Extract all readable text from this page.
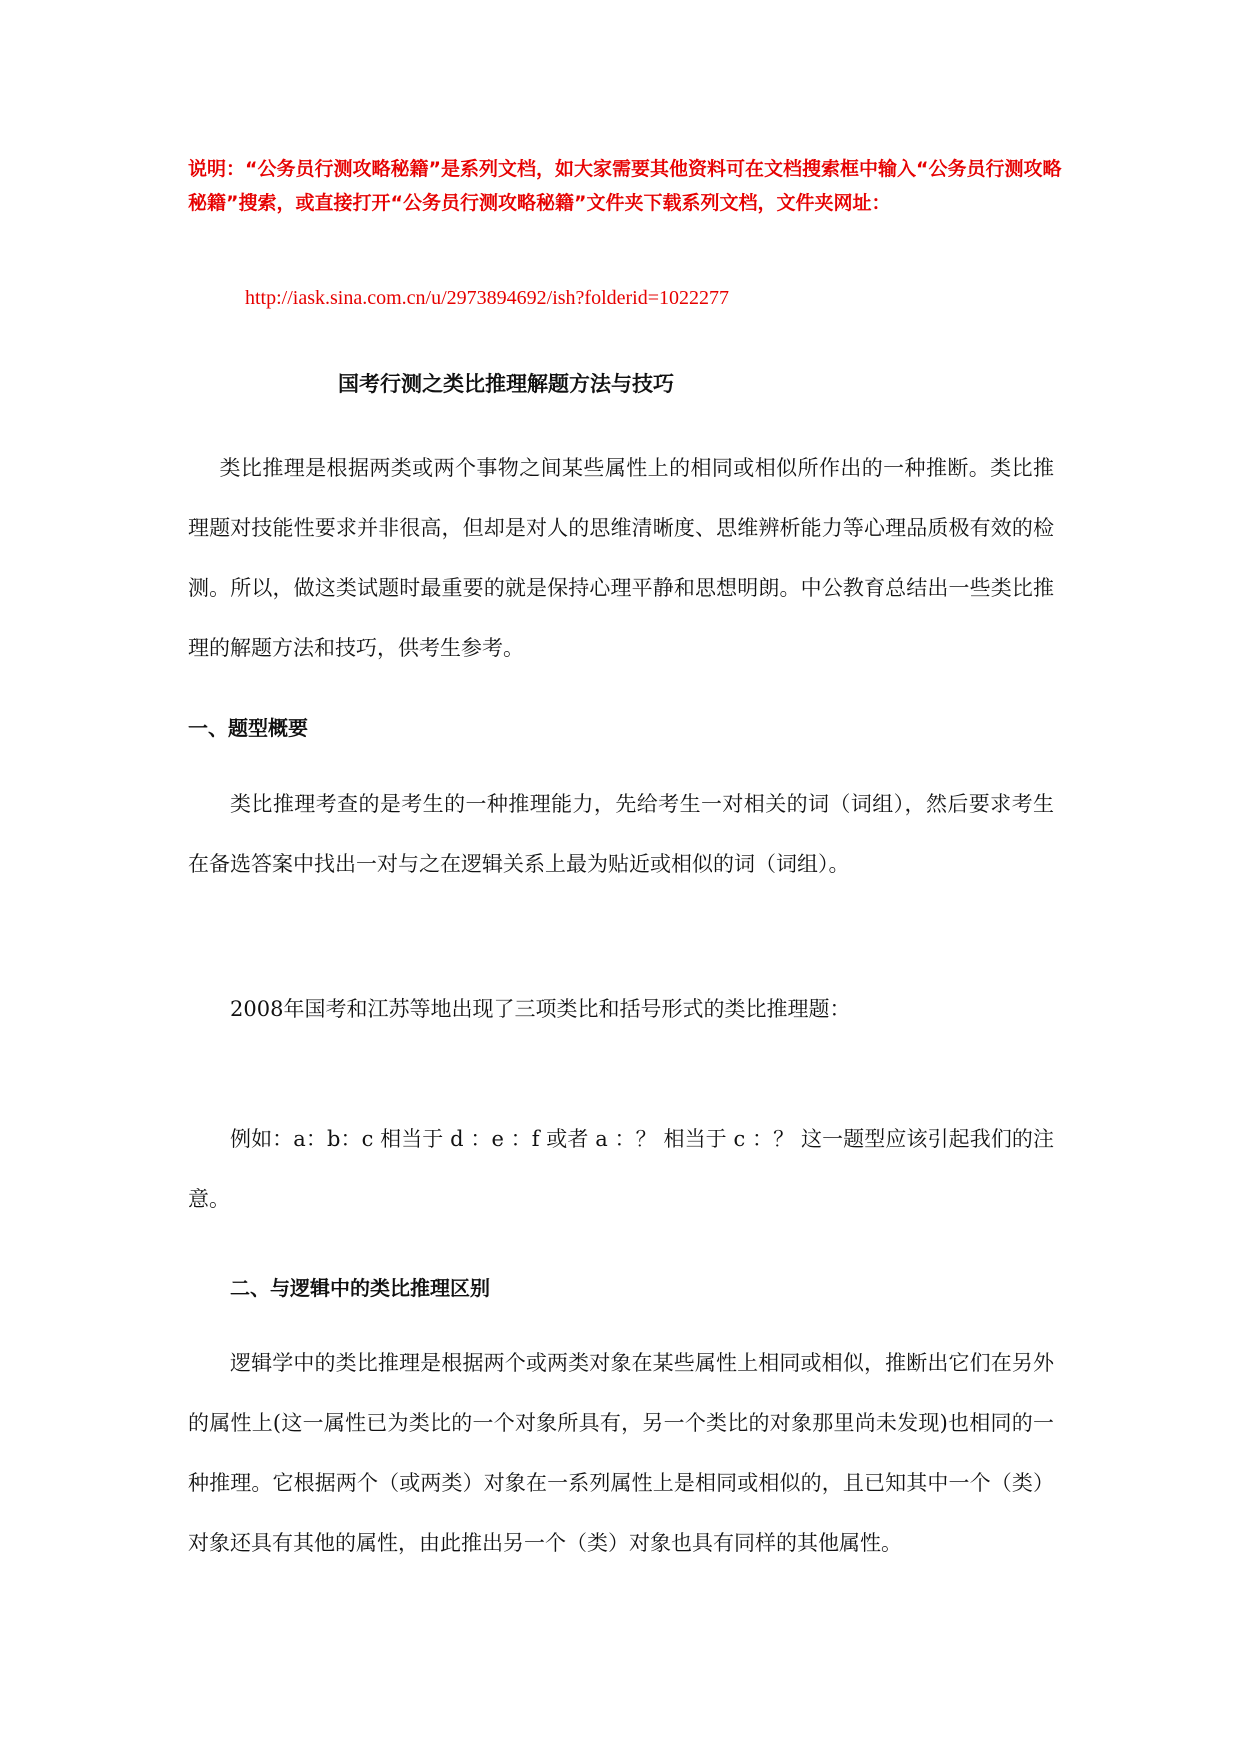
说明：“公务员行测攻略秘籍”是系列文档，如大家需要其他资料可在文档搜索框中输入“公务员行测攻略秘籍”搜索，或直接打开“公务员行测攻略秘籍”文件夹下载系列文档，文件夹网址：
http://iask.sina.com.cn/u/2973894692/ish?folderid=1022277
国考行测之类比推理解题方法与技巧
类比推理是根据两类或两个事物之间某些属性上的相同或相似所作出的一种推断。类比推理题对技能性要求并非很高，但却是对人的思维清晰度、思维辨析能力等心理品质极有效的检测。所以，做这类试题时最重要的就是保持心理平静和思想明朗。中公教育总结出一些类比推理的解题方法和技巧，供考生参考。
一、题型概要
类比推理考查的是考生的一种推理能力，先给考生一对相关的词（词组），然后要求考生在备选答案中找出一对与之在逻辑关系上最为贴近或相似的词（词组）。
2008年国考和江苏等地出现了三项类比和括号形式的类比推理题：
例如：a：b：c 相当于 d ：e ：f 或者 a ：？ 相当于 c ：？ 这一题型应该引起我们的注意。
二、与逻辑中的类比推理区别
逻辑学中的类比推理是根据两个或两类对象在某些属性上相同或相似，推断出它们在另外的属性上(这一属性已为类比的一个对象所具有，另一个类比的对象那里尚未发现)也相同的一种推理。它根据两个（或两类）对象在一系列属性上是相同或相似的，且已知其中一个（类）对象还具有其他的属性，由此推出另一个（类）对象也具有同样的其他属性。
